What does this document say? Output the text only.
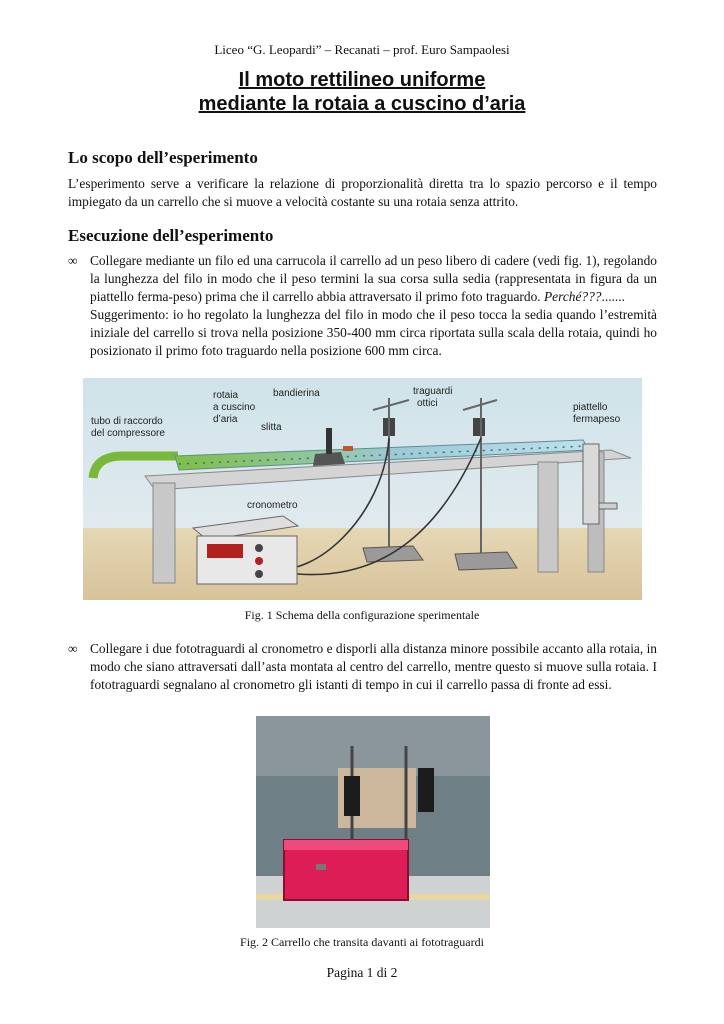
Liceo “G. Leopardi” – Recanati – prof. Euro Sampaolesi
Il moto rettilineo uniforme
mediante la rotaia a cuscino d’aria
Lo scopo dell’esperimento
L’esperimento serve a verificare la relazione di proporzionalità diretta tra lo spazio percorso e il tempo impiegato da un carrello che si muove a velocità costante su una rotaia senza attrito.
Esecuzione dell’esperimento
∞ Collegare mediante un filo ed una carrucola il carrello ad un peso libero di cadere (vedi fig. 1), regolando la lunghezza del filo in modo che il peso termini la sua corsa sulla sedia (rappresentata in figura da un piattello ferma-peso) prima che il carrello abbia attraversato il primo foto traguardo. Perché???.......
Suggerimento: io ho regolato la lunghezza del filo in modo che il peso tocca la sedia quando l’estremità iniziale del carrello si trova nella posizione 350-400 mm circa riportata sulla scala della rotaia, quindi ho posizionato il primo foto traguardo nella posizione 600 mm circa.
tubo di raccordo
del compressore
rotaia
a cuscino
d’aria
bandierina
slitta
traguardi
ottici	piattello
fermapeso
cronometro
Fig. 1 Schema della configurazione sperimentale
∞ Collegare i due fototraguardi al cronometro e disporli alla distanza minore possibile accanto alla rotaia, in modo che siano attraversati dall’asta montata al centro del carrello, mentre questo si muove sulla rotaia. I fototraguardi segnalano al cronometro gli istanti di tempo in cui il carrello passa di fronte ad essi.
Fig. 2 Carrello che transita davanti ai fototraguardi
Pagina 1 di 2
